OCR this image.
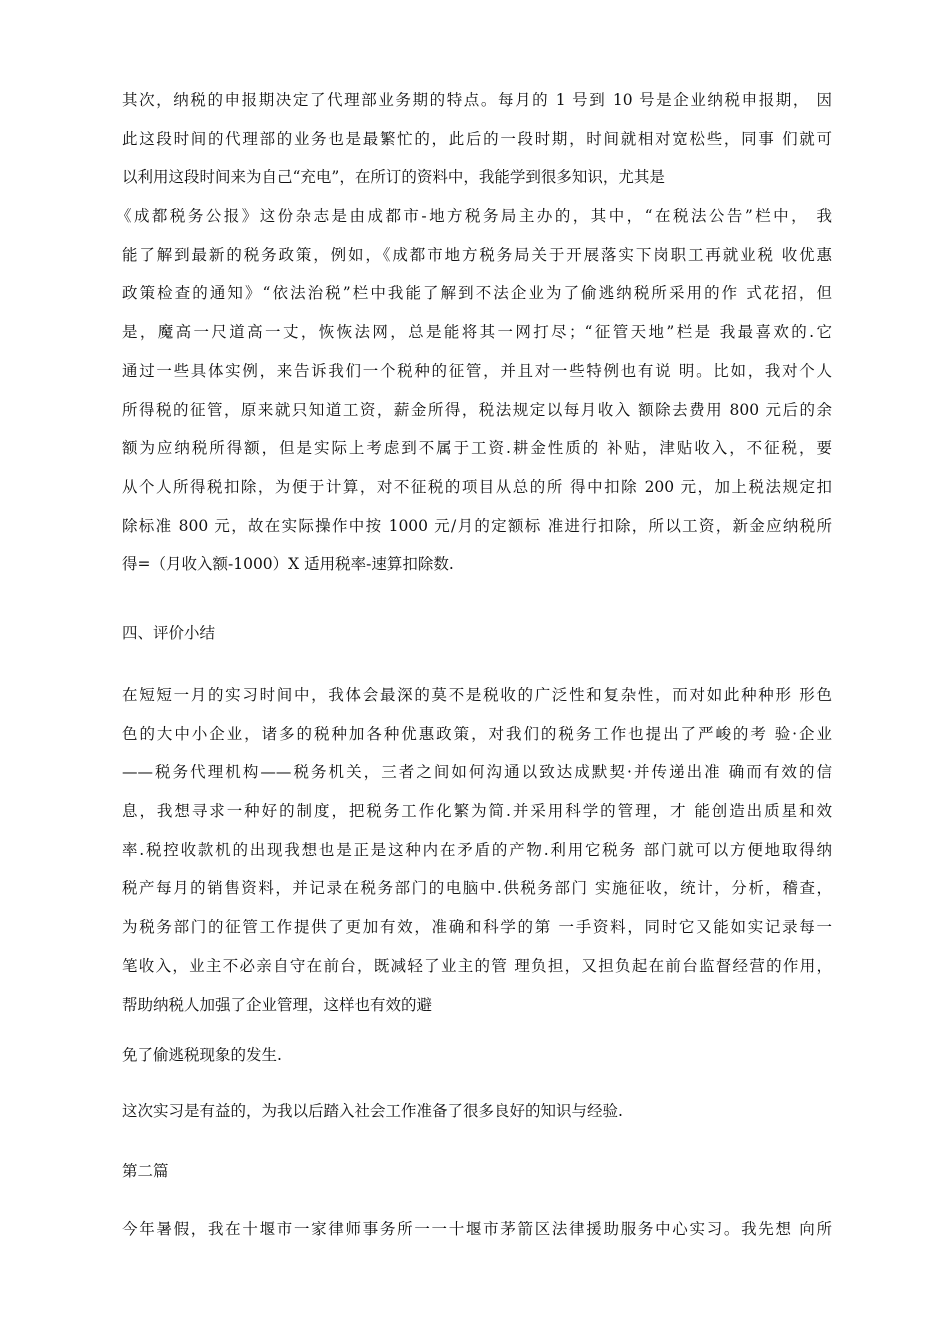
其次，纳税的申报期决定了代理部业务期的特点。每月的 1 号到 10 号是企业纳税申报期， 因
此这段时间的代理部的业务也是最繁忙的，此后的一段时期，时间就相对宽松些，同事 们就可
以利用这段时间来为自己“充电”，在所订的资料中，我能学到很多知识，尤其是
《成都税务公报》这份杂志是由成都市-地方税务局主办的，其中，“在税法公告”栏中， 我
能了解到最新的税务政策，例如，《成都市地方税务局关于开展落实下岗职工再就业税 收优惠
政策检查的通知》“依法治税”栏中我能了解到不法企业为了偷逃纳税所采用的作 式花招，但
是，魔高一尺道高一丈，恢恢法网，总是能将其一网打尽；“征管天地”栏是 我最喜欢的.它
通过一些具体实例，来告诉我们一个税种的征管，并且对一些特例也有说 明。比如，我对个人
所得税的征管，原来就只知道工资，薪金所得，税法规定以每月收入 额除去费用 800 元后的余
额为应纳税所得额，但是实际上考虑到不属于工资.耕金性质的 补贴，津贴收入，不征税，要
从个人所得税扣除，为便于计算，对不征税的项目从总的所 得中扣除 200 元，加上税法规定扣
除标准 800 元，故在实际操作中按 1000 元/月的定额标 准进行扣除，所以工资，新金应纳税所
得=（月收入额-1000）X 适用税率-速算扣除数.
四、评价小结
在短短一月的实习时间中，我体会最深的莫不是税收的广泛性和复杂性，而对如此种种形 形色
色的大中小企业，诸多的税种加各种优惠政策，对我们的税务工作也提出了严峻的考 验·企业
——税务代理机构——税务机关，三者之间如何沟通以致达成默契·并传递出准 确而有效的信
息，我想寻求一种好的制度，把税务工作化繁为简.并采用科学的管理，才 能创造出质星和效
率.税控收款机的出现我想也是正是这种内在矛盾的产物.利用它税务 部门就可以方便地取得纳
税产每月的销售资料，并记录在税务部门的电脑中.供税务部门 实施征收，统计，分析，稽查，
为税务部门的征管工作提供了更加有效，准确和科学的第 一手资料，同时它又能如实记录每一
笔收入，业主不必亲自守在前台，既减轻了业主的管 理负担，又担负起在前台监督经营的作用，
帮助纳税人加强了企业管理，这样也有效的避
免了偷逃税现象的发生.
这次实习是有益的，为我以后踏入社会工作准备了很多良好的知识与经验.
第二篇
今年暑假，我在十堰市一家律师事务所一一十堰市茅箭区法律援助服务中心实习。我先想 向所
